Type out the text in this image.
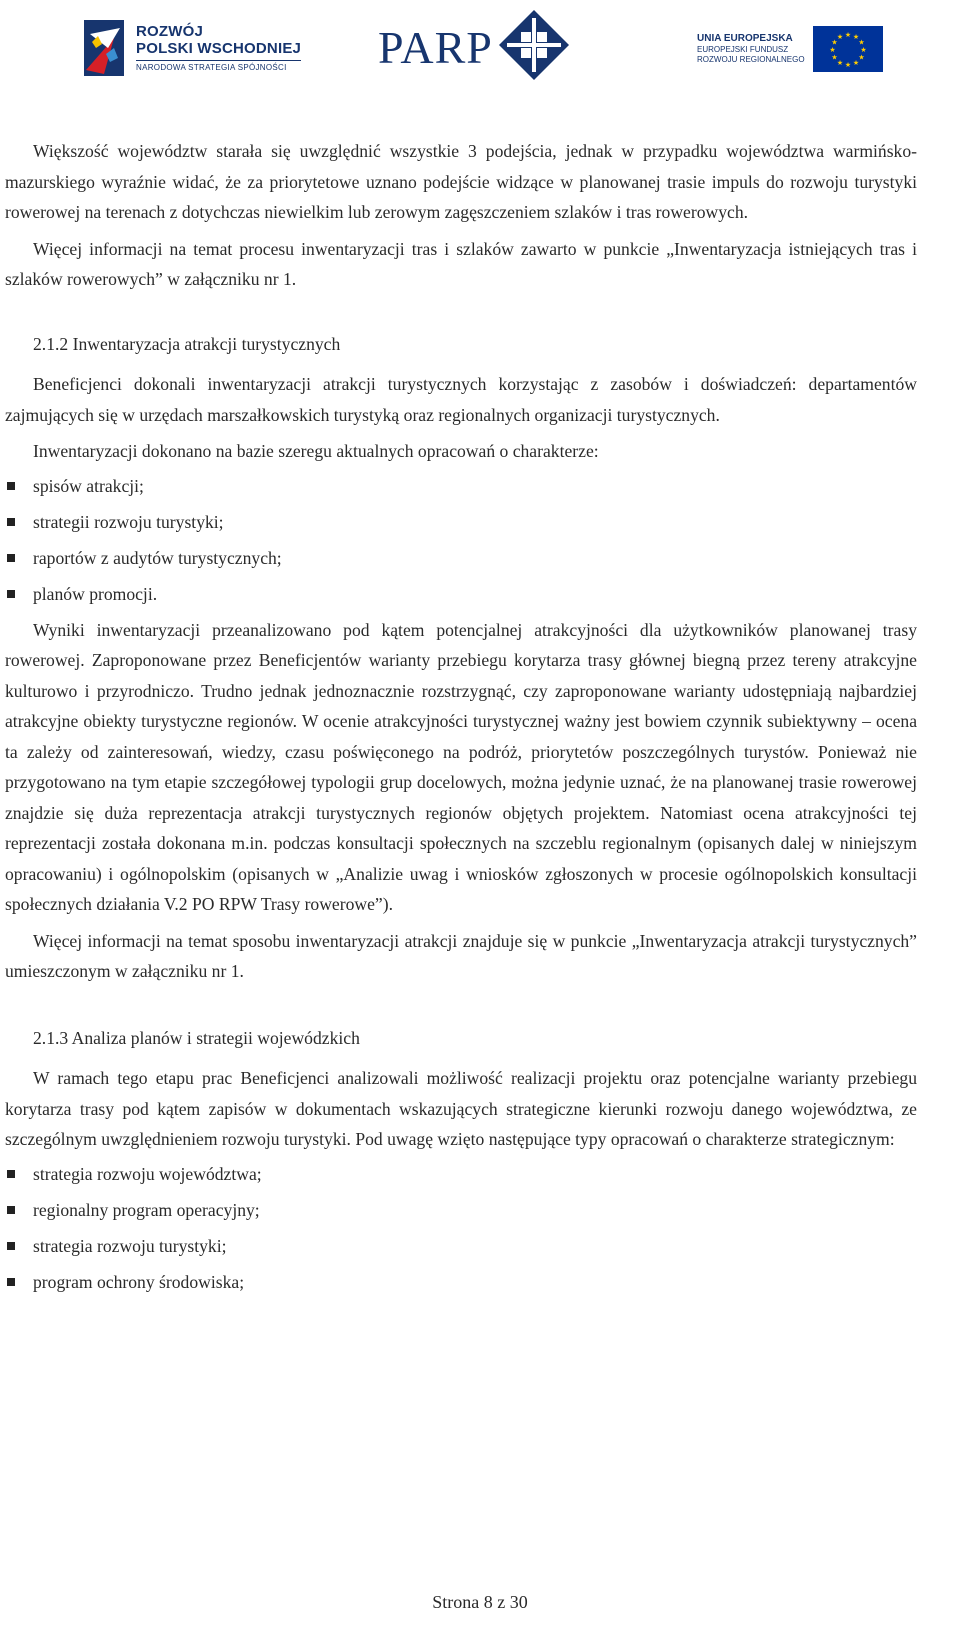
ROZWÓJ
POLSKI WSCHODNIEJ
NARODOWA STRATEGIA SPÓJNOŚCI	PARP	UNIA EUROPEJSKA
EUROPEJSKI FUNDUSZ
ROZWOJU REGIONALNEGO
★ ★
★
★
★
★
★
★
★
★
★
★

Większość województw starała się uwzględnić wszystkie 3 podejścia, jednak w przypadku województwa warmińsko-mazurskiego wyraźnie widać, że za priorytetowe uznano podejście widzące w planowanej trasie impuls do rozwoju turystyki rowerowej na terenach z dotychczas niewielkim lub zerowym zagęszczeniem szlaków i tras rowerowych.

Więcej informacji na temat procesu inwentaryzacji tras i szlaków zawarto w punkcie „Inwentaryzacja istniejących tras i szlaków rowerowych” w załączniku nr 1.

2.1.2 Inwentaryzacja atrakcji turystycznych

Beneficjenci dokonali inwentaryzacji atrakcji turystycznych korzystając z zasobów i doświadczeń: departamentów zajmujących się w urzędach marszałkowskich turystyką oraz regionalnych organizacji turystycznych.

Inwentaryzacji dokonano na bazie szeregu aktualnych opracowań o charakterze:

spisów atrakcji;
strategii rozwoju turystyki;
raportów z audytów turystycznych;
planów promocji.

Wyniki inwentaryzacji przeanalizowano pod kątem potencjalnej atrakcyjności dla użytkowników planowanej trasy rowerowej. Zaproponowane przez Beneficjentów warianty przebiegu korytarza trasy głównej biegną przez tereny atrakcyjne kulturowo i przyrodniczo. Trudno jednak jednoznacznie rozstrzygnąć, czy zaproponowane warianty udostępniają najbardziej atrakcyjne obiekty turystyczne regionów. W ocenie atrakcyjności turystycznej ważny jest bowiem czynnik subiektywny – ocena ta zależy od zainteresowań, wiedzy, czasu poświęconego na podróż, priorytetów poszczególnych turystów. Ponieważ nie przygotowano na tym etapie szczegółowej typologii grup docelowych, można jedynie uznać, że na planowanej trasie rowerowej znajdzie się duża reprezentacja atrakcji turystycznych regionów objętych projektem. Natomiast ocena atrakcyjności tej reprezentacji została dokonana m.in. podczas konsultacji społecznych na szczeblu regionalnym (opisanych dalej w niniejszym opracowaniu) i ogólnopolskim (opisanych w „Analizie uwag i wniosków zgłoszonych w procesie ogólnopolskich konsultacji społecznych działania V.2 PO RPW Trasy rowerowe”).

Więcej informacji na temat sposobu inwentaryzacji atrakcji znajduje się w punkcie „Inwentaryzacja atrakcji turystycznych” umieszczonym w załączniku nr 1.

2.1.3 Analiza planów i strategii wojewódzkich

W ramach tego etapu prac Beneficjenci analizowali możliwość realizacji projektu oraz potencjalne warianty przebiegu korytarza trasy pod kątem zapisów w dokumentach wskazujących strategiczne kierunki rozwoju danego województwa, ze szczególnym uwzględnieniem rozwoju turystyki. Pod uwagę wzięto następujące typy opracowań o charakterze strategicznym:

strategia rozwoju województwa;
regionalny program operacyjny;
strategia rozwoju turystyki;
program ochrony środowiska;
Strona 8 z 30
